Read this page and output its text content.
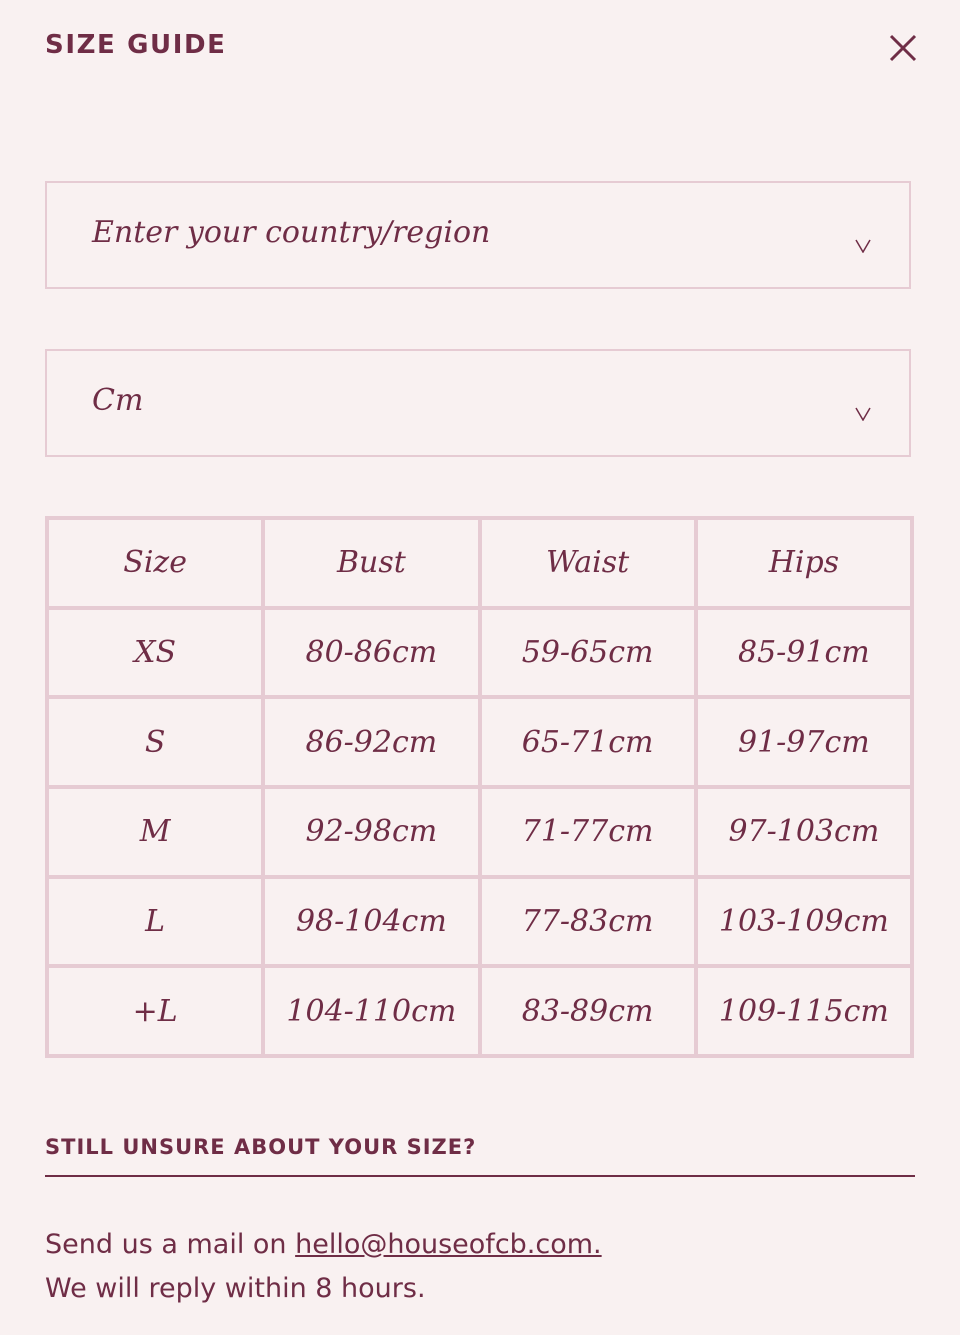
SIZE GUIDE
Enter your country/region
Cm
Size	Bust	Waist	Hips
XS	80-86cm	59-65cm	85-91cm
S	86-92cm	65-71cm	91-97cm
M	92-98cm	71-77cm	97-103cm
L	98-104cm	77-83cm	103-109cm
+L	104-110cm	83-89cm	109-115cm
STILL UNSURE ABOUT YOUR SIZE?
Send us a mail on hello@houseofcb.com.
We will reply within 8 hours.
